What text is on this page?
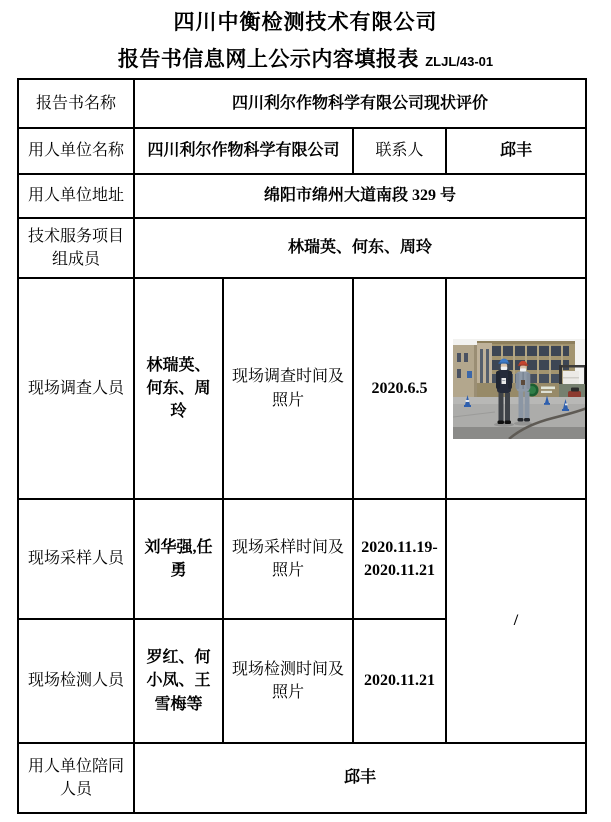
四川中衡检测技术有限公司
报告书信息网上公示内容填报表 ZLJL/43-01
报告书名称	四川利尔作物科学有限公司现状评价			
用人单位名称	四川利尔作物科学有限公司		联系人	邱丰
用人单位地址	绵阳市绵州大道南段 329 号			
技术服务项目组成员	林瑞英、何东、周玲			
现场调查人员	林瑞英、何东、周玲	现场调查时间及照片	2020.6.5	

现场采样人员	刘华强,任勇	现场采样时间及照片	2020.11.19-2020.11.21	/
现场检测人员	罗红、何小凤、王雪梅等	现场检测时间及照片	2020.11.21	
用人单位陪同人员	邱丰			
